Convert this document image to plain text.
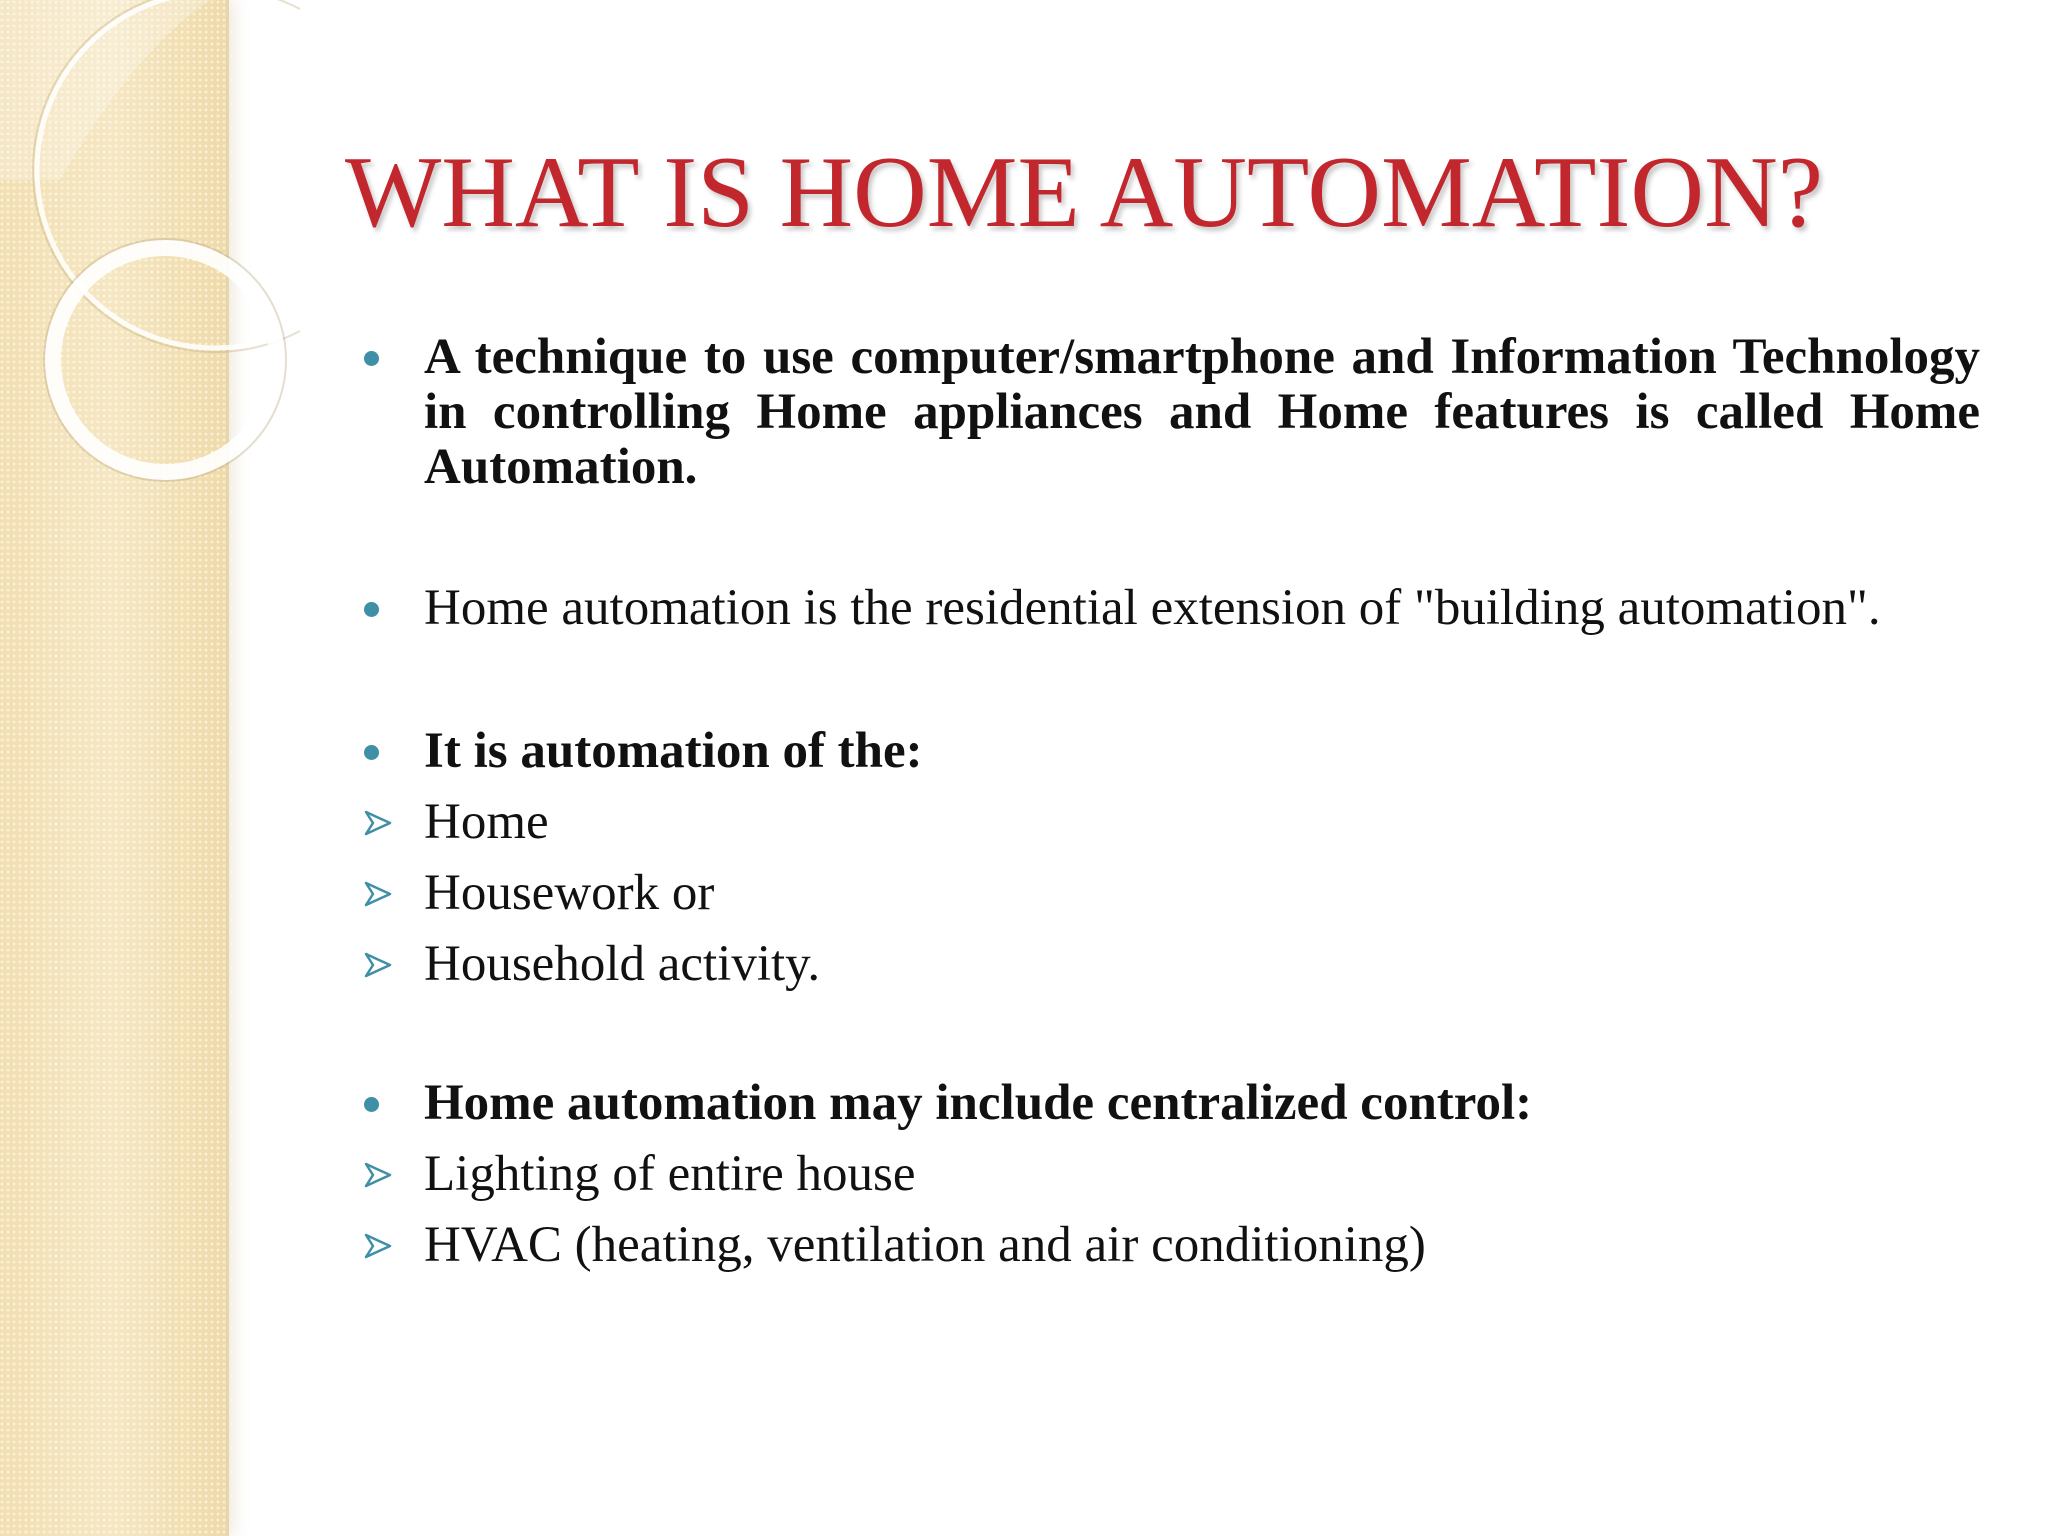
WHAT IS HOME AUTOMATION?
A technique to use computer/smartphone and Information Technology in controlling Home appliances and Home features is called Home Automation.
Home automation is the residential extension of "building automation".
It is automation of the:
Home
Housework or
Household activity.
Home automation may include centralized control:
Lighting of entire house
HVAC (heating, ventilation and air conditioning)
